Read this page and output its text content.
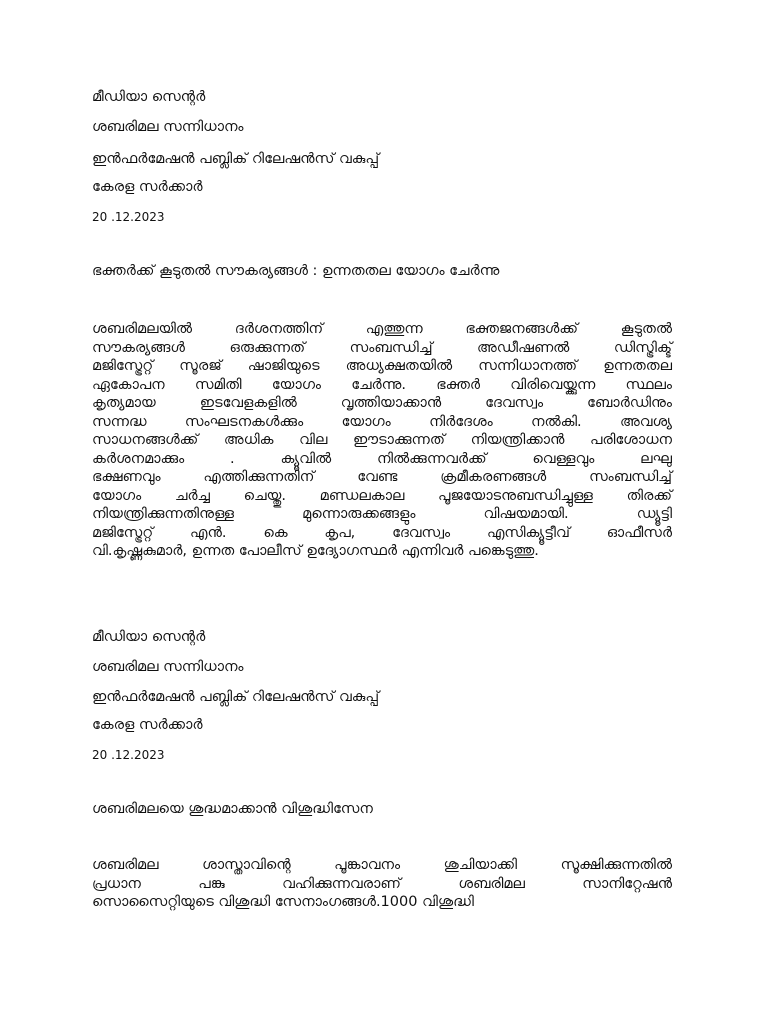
മീഡിയാ സെന്റർ
ശബരിമല സന്നിധാനം
ഇൻഫർമേഷൻ പബ്ലിക് റിലേഷൻസ് വകുപ്പ്
കേരള സർക്കാർ
20 .12.2023
ഭക്തർക്ക് കൂടുതൽ സൗകര്യങ്ങൾ : ഉന്നതതല യോഗം ചേർന്നു
ശബരിമലയിൽ ദർശനത്തിന് എത്തുന്ന ഭക്തജനങ്ങൾക്ക് കൂടുതൽ
സൗകര്യങ്ങൾ ഒരുക്കുന്നത് സംബന്ധിച്ച് അഡീഷണൽ ഡിസ്ട്രിക്ട്
മജിസ്ട്രേറ്റ് സൂരജ് ഷാജിയുടെ അധ്യക്ഷതയിൽ സന്നിധാനത്ത് ഉന്നതതല
ഏകോപന സമിതി യോഗം ചേർന്നു. ഭക്തർ വിരിവെയ്ക്കുന്ന സ്ഥലം
കൃത്യമായ ഇടവേളകളിൽ വൃത്തിയാക്കാൻ ദേവസ്വം ബോർഡിനും
സന്നദ്ധ സംഘടനകൾക്കും യോഗം നിർദേശം നൽകി. അവശ്യ
സാധനങ്ങൾക്ക് അധിക വില ഈടാക്കുന്നത് നിയന്ത്രിക്കാൻ പരിശോധന
കർശനമാക്കും . ക്യൂവിൽ നിൽക്കുന്നവർക്ക് വെള്ളവും ലഘു
ഭക്ഷണവും എത്തിക്കുന്നതിന് വേണ്ട ക്രമീകരണങ്ങൾ സംബന്ധിച്ച്
യോഗം ചർച്ച ചെയ്തു. മണ്ഡലകാല പൂജയോടനുബന്ധിച്ചുള്ള തിരക്ക്
നിയന്ത്രിക്കുന്നതിനുള്ള മുന്നൊരുക്കങ്ങളും വിഷയമായി. ഡ്യൂട്ടി
മജിസ്ട്രേറ്റ് എൻ. കെ കൃപ, ദേവസ്വം എസിക്യൂട്ടീവ് ഓഫീസർ
വി.കൃഷ്ണകുമാർ, ഉന്നത പോലീസ് ഉദ്യോഗസ്ഥർ എന്നിവർ പങ്കെടുത്തു.
മീഡിയാ സെന്റർ
ശബരിമല സന്നിധാനം
ഇൻഫർമേഷൻ പബ്ലിക് റിലേഷൻസ് വകുപ്പ്
കേരള സർക്കാർ
20 .12.2023
ശബരിമലയെ ശുദ്ധമാക്കാൻ വിശുദ്ധിസേന
ശബരിമല ശാസ്താവിന്റെ പൂങ്കാവനം ശുചിയാക്കി സൂക്ഷിക്കുന്നതിൽ
പ്രധാന പങ്കു വഹിക്കുന്നവരാണ് ശബരിമല സാനിറ്റേഷൻ
സൊസൈറ്റിയുടെ വിശുദ്ധി സേനാംഗങ്ങൾ.1000 വിശുദ്ധി
